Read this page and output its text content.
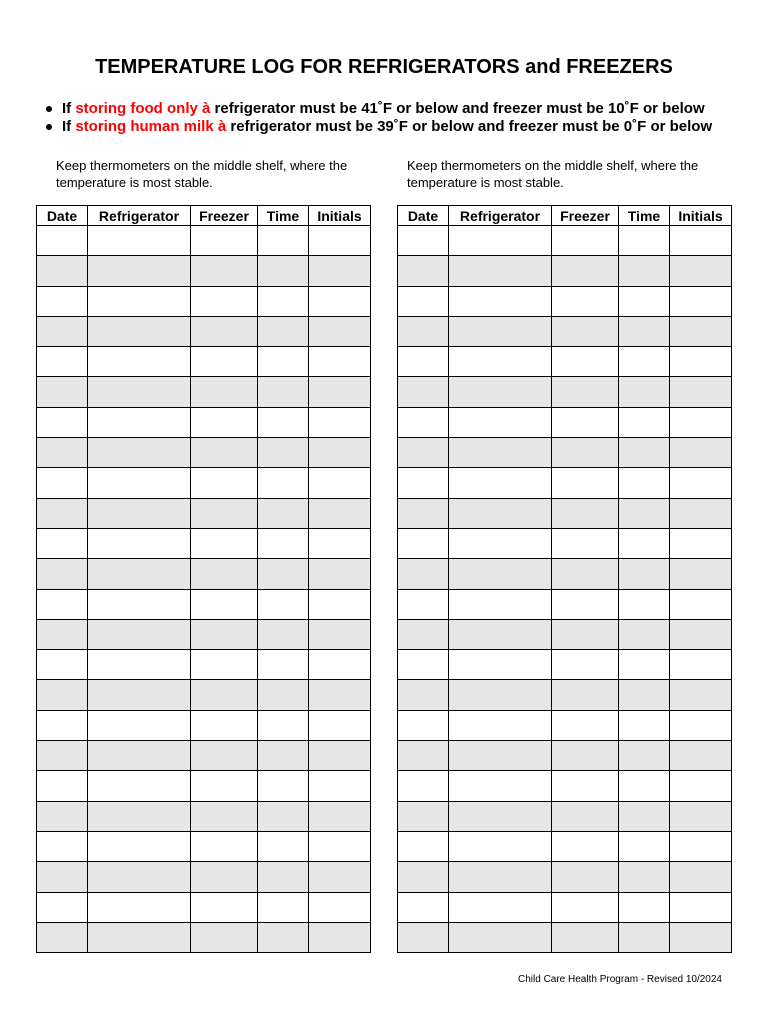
TEMPERATURE LOG FOR REFRIGERATORS and FREEZERS
If storing food only à refrigerator must be 41˚F or below and freezer must be 10˚F or below
If storing human milk à refrigerator must be 39˚F or below and freezer must be 0˚F or below
Keep thermometers on the middle shelf, where the temperature is most stable.
Keep thermometers on the middle shelf, where the temperature is most stable.
Date	Refrigerator	Freezer	Time	Initials

					Date	Refrigerator	Freezer	Time	Initials

Child Care Health Program - Revised 10/2024
